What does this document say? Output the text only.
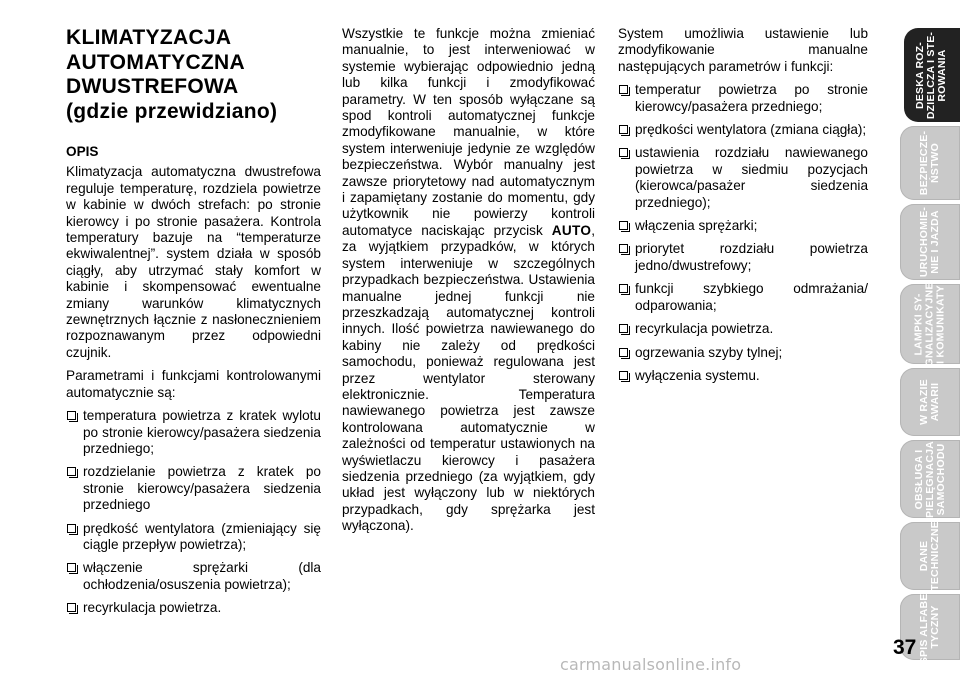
KLIMATYZACJA
AUTOMATYCZNA
DWUSTREFOWA
(gdzie przewidziano)
OPIS

Klimatyzacja automatyczna dwustrefowa reguluje temperaturę, rozdziela powietrze w kabinie w dwóch strefach: po stronie kierowcy i po stronie pasażera. Kontrola temperatury bazuje na “temperaturze ekwiwalentnej”. system działa w sposób ciągły, aby utrzymać stały komfort w kabinie i skompensować ewentualne zmiany warunków klimatycznych zewnętrznych łącznie z nasłonecznieniem rozpoznawanym przez odpowiedni czujnik.

Parametrami i funkcjami kontrolowanymi automatycznie są:

temperatura powietrza z kratek wylotu po stronie kierowcy/pasażera siedzenia przedniego;
rozdzielanie powietrza z kratek po stronie kierowcy/pasażera siedzenia przedniego
prędkość wentylatora (zmieniający się ciągle przepływ powietrza);
włączenie sprężarki (dla ochłodzenia/osuszenia powietrza);
recyrkulacja powietrza.

Wszystkie te funkcje można zmieniać manualnie, to jest interweniować w systemie wybierając odpowiednio jedną lub kilka funkcji i zmodyfikować parametry. W ten sposób wyłączane są spod kontroli automatycznej funkcje zmodyfikowane manualnie, w które system interweniuje jedynie ze względów bezpieczeństwa. Wybór manualny jest zawsze priorytetowy nad automatycznym i zapamiętany zostanie do momentu, gdy użytkownik nie powierzy kontroli automatyce naciskając przycisk AUTO, za wyjątkiem przypadków, w których system interweniuje w szczególnych przypadkach bezpieczeństwa. Ustawienia manualne jednej funkcji nie przeszkadzają automatycznej kontroli innych. Ilość powietrza nawiewanego do kabiny nie zależy od prędkości samochodu, ponieważ regulowana jest przez wentylator sterowany elektronicznie. Temperatura nawiewanego powietrza jest zawsze kontrolowana automatycznie w zależności od temperatur ustawionych na wyświetlaczu kierowcy i pasażera siedzenia przedniego (za wyjątkiem, gdy układ jest wyłączony lub w niektórych przypadkach, gdy sprężarka jest wyłączona).

System umożliwia ustawienie lub zmodyfikowanie manualne następujących parametrów i funkcji:

temperatur powietrza po stronie kierowcy/pasażera przedniego;
prędkości wentylatora (zmiana ciągła);
ustawienia rozdziału nawiewanego powietrza w siedmiu pozycjach (kierowca/pasażer siedzenia przedniego);
włączenia sprężarki;
priorytet rozdziału powietrza jedno/dwustrefowy;
funkcji szybkiego odmrażania/ odparowania;
recyrkulacja powietrza.
ogrzewania szyby tylnej;
wyłączenia systemu.
DESKA ROZ- DZIELCZA I STE- ROWANIA
BEZPIECZE- ŃSTWO
URUCHOMIE- NIE I JAZDA
LAMPKI SY- GNALIZACYJNE I KOMUNIKATY
W RAZIE AWARII
OBSŁUGA I PIELĘGNACJA SAMOCHODU
DANE TECHNICZNE
SPIS ALFABE- TYCZNY
37
carmanualsonline.info
